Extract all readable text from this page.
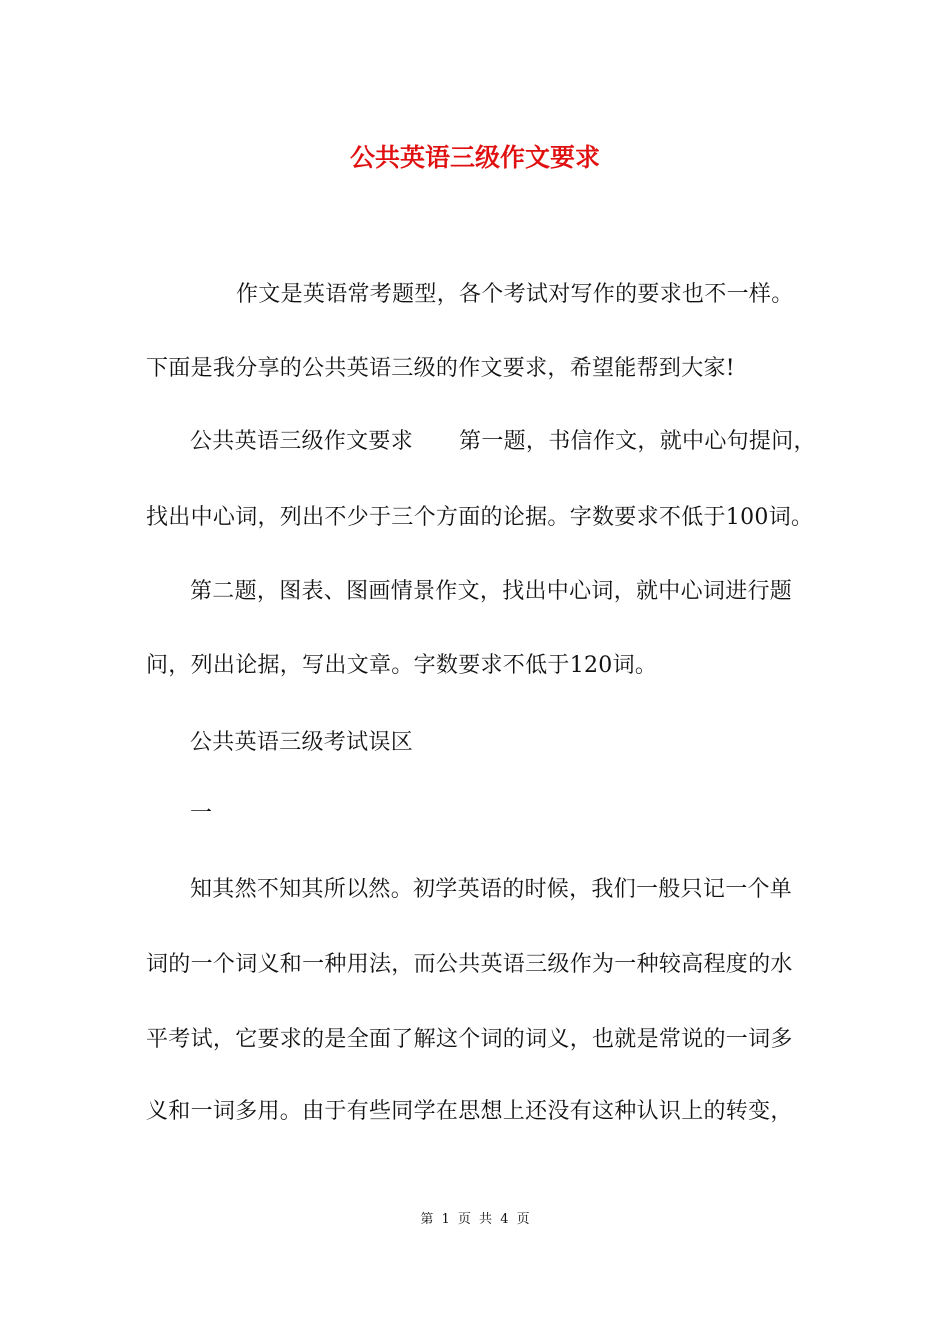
公共英语三级作文要求
作文是英语常考题型，各个考试对写作的要求也不一样。
下面是我分享的公共英语三级的作文要求，希望能帮到大家!
公共英语三级作文要求 第一题，书信作文，就中心句提问，
找出中心词，列出不少于三个方面的论据。字数要求不低于100词。
第二题，图表、图画情景作文，找出中心词，就中心词进行题
问，列出论据，写出文章。字数要求不低于120词。
公共英语三级考试误区
一
知其然不知其所以然。初学英语的时候，我们一般只记一个单
词的一个词义和一种用法，而公共英语三级作为一种较高程度的水
平考试，它要求的是全面了解这个词的词义，也就是常说的一词多
义和一词多用。由于有些同学在思想上还没有这种认识上的转变，
第 1 页 共 4 页
